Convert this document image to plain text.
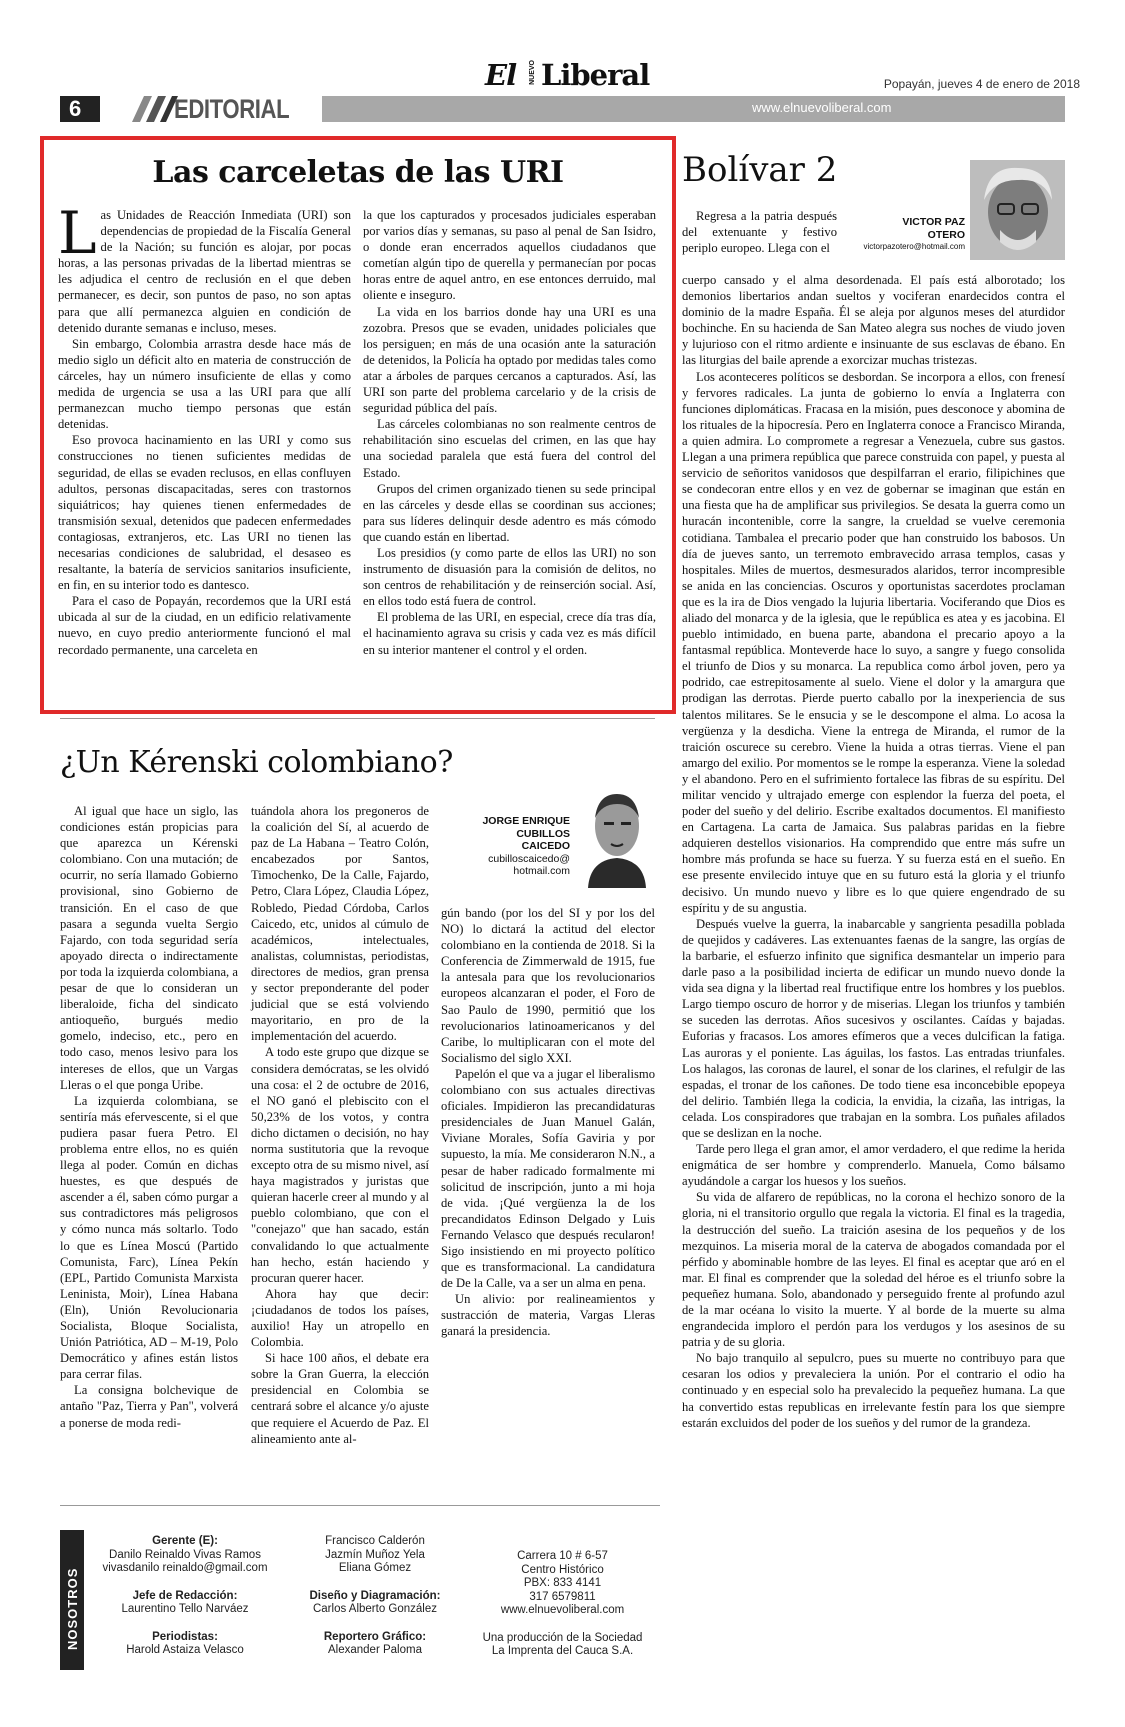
El NUEVO Liberal	Popayán, jueves 4 de enero de 2018
6	EDITORIAL	www.elnuevoliberal.com
Las carceletas de las URI

Las Unidades de Reacción Inmediata (URI) son dependencias de propiedad de la Fiscalía General de la Nación; su función es alojar, por pocas horas, a las personas privadas de la libertad mientras se les adjudica el centro de reclusión en el que deben permanecer, es decir, son puntos de paso, no son aptas para que allí permanezca alguien en condición de detenido durante semanas e incluso, meses.

Sin embargo, Colombia arrastra desde hace más de medio siglo un déficit alto en materia de construcción de cárceles, hay un número insuficiente de ellas y como medida de urgencia se usa a las URI para que allí permanezcan mucho tiempo personas que están detenidas.

Eso provoca hacinamiento en las URI y como sus construcciones no tienen suficientes medidas de seguridad, de ellas se evaden reclusos, en ellas confluyen adultos, personas discapacitadas, seres con trastornos siquiátricos; hay quienes tienen enfermedades de transmisión sexual, detenidos que padecen enfermedades contagiosas, extranjeros, etc. Las URI no tienen las necesarias condiciones de salubridad, el desaseo es resaltante, la batería de servicios sanitarios insuficiente, en fin, en su interior todo es dantesco.

Para el caso de Popayán, recordemos que la URI está ubicada al sur de la ciudad, en un edificio relativamente nuevo, en cuyo predio anteriormente funcionó el mal recordado permanente, una carceleta en

la que los capturados y procesados judiciales esperaban por varios días y semanas, su paso al penal de San Isidro, o donde eran encerrados aquellos ciudadanos que cometían algún tipo de querella y permanecían por pocas horas entre de aquel antro, en ese entonces derruido, mal oliente e inseguro.

La vida en los barrios donde hay una URI es una zozobra. Presos que se evaden, unidades policiales que los persiguen; en más de una ocasión ante la saturación de detenidos, la Policía ha optado por medidas tales como atar a árboles de parques cercanos a capturados. Así, las URI son parte del problema carcelario y de la crisis de seguridad pública del país.

Las cárceles colombianas no son realmente centros de rehabilitación sino escuelas del crimen, en las que hay una sociedad paralela que está fuera del control del Estado.

Grupos del crimen organizado tienen su sede principal en las cárceles y desde ellas se coordinan sus acciones; para sus líderes delinquir desde adentro es más cómodo que cuando están en libertad.

Los presidios (y como parte de ellos las URI) no son instrumento de disuasión para la comisión de delitos, no son centros de rehabilitación y de reinserción social. Así, en ellos todo está fuera de control.

El problema de las URI, en especial, crece día tras día, el hacinamiento agrava su crisis y cada vez es más difícil en su interior mantener el control y el orden.

¿Un Kérenski colombiano?
JORGE ENRIQUE
CUBILLOS CAICEDO
cubilloscaicedo@
hotmail.com

Al igual que hace un siglo, las condiciones están propicias para que aparezca un Kérenski colombiano. Con una mutación; de ocurrir, no sería llamado Gobierno provisional, sino Gobierno de transición. En el caso de que pasara a segunda vuelta Sergio Fajardo, con toda seguridad sería apoyado directa o indirectamente por toda la izquierda colombiana, a pesar de que lo consideran un liberaloide, ficha del sindicato antioqueño, burgués medio gomelo, indeciso, etc., pero en todo caso, menos lesivo para los intereses de ellos, que un Vargas Lleras o el que ponga Uribe.

La izquierda colombiana, se sentiría más efervescente, si el que pudiera pasar fuera Petro. El problema entre ellos, no es quién llega al poder. Común en dichas huestes, es que después de ascender a él, saben cómo purgar a sus contradictores más peligrosos y cómo nunca más soltarlo. Todo lo que es Línea Moscú (Partido Comunista, Farc), Línea Pekín (EPL, Partido Comunista Marxista Leninista, Moir), Línea Habana (Eln), Unión Revolucionaria Socialista, Bloque Socialista, Unión Patriótica, AD – M-19, Polo Democrático y afines están listos para cerrar filas.

La consigna bolchevique de antaño "Paz, Tierra y Pan", volverá a ponerse de moda redi-

tuándola ahora los pregoneros de la coalición del Sí, al acuerdo de paz de La Habana – Teatro Colón, encabezados por Santos, Timochenko, De la Calle, Fajardo, Petro, Clara López, Claudia López, Robledo, Piedad Córdoba, Carlos Caicedo, etc, unidos al cúmulo de académicos, intelectuales, analistas, columnistas, periodistas, directores de medios, gran prensa y sector preponderante del poder judicial que se está volviendo mayoritario, en pro de la implementación del acuerdo.

A todo este grupo que dizque se considera demócratas, se les olvidó una cosa: el 2 de octubre de 2016, el NO ganó el plebiscito con el 50,23% de los votos, y contra dicho dictamen o decisión, no hay norma sustitutoria que la revoque excepto otra de su mismo nivel, así haya magistrados y juristas que quieran hacerle creer al mundo y al pueblo colombiano, que con el "conejazo" que han sacado, están convalidando lo que actualmente han hecho, están haciendo y procuran querer hacer.

Ahora hay que decir: ¡ciudadanos de todos los países, auxilio! Hay un atropello en Colombia.

Si hace 100 años, el debate era sobre la Gran Guerra, la elección presidencial en Colombia se centrará sobre el alcance y/o ajuste que requiere el Acuerdo de Paz. El alineamiento ante al-

gún bando (por los del SI y por los del NO) lo dictará la actitud del elector colombiano en la contienda de 2018. Si la Conferencia de Zimmerwald de 1915, fue la antesala para que los revolucionarios europeos alcanzaran el poder, el Foro de Sao Paulo de 1990, permitió que los revolucionarios latinoamericanos y del Caribe, lo multiplicaran con el mote del Socialismo del siglo XXI.

Papelón el que va a jugar el liberalismo colombiano con sus actuales directivas oficiales. Impidieron las precandidaturas presidenciales de Juan Manuel Galán, Viviane Morales, Sofía Gaviria y por supuesto, la mía. Me consideraron N.N., a pesar de haber radicado formalmente mi solicitud de inscripción, junto a mi hoja de vida. ¡Qué vergüenza la de los precandidatos Edinson Delgado y Luis Fernando Velasco que después recularon! Sigo insistiendo en mi proyecto político que es transformacional. La candidatura de De la Calle, va a ser un alma en pena.

Un alivio: por realineamientos y sustracción de materia, Vargas Lleras ganará la presidencia.

Bolívar 2
VICTOR PAZ
OTERO
victorpazotero@hotmail.com

Regresa a la patria después del extenuante y festivo periplo europeo. Llega con el

cuerpo cansado y el alma desordenada. El país está alborotado; los demonios libertarios andan sueltos y vociferan enardecidos contra el dominio de la madre España. Él se aleja por algunos meses del aturdidor bochinche. En su hacienda de San Mateo alegra sus noches de viudo joven y lujurioso con el ritmo ardiente e insinuante de sus esclavas de ébano. En las liturgias del baile aprende a exorcizar muchas tristezas.

Los aconteceres políticos se desbordan. Se incorpora a ellos, con frenesí y fervores radicales. La junta de gobierno lo envía a Inglaterra con funciones diplomáticas. Fracasa en la misión, pues desconoce y abomina de los rituales de la hipocresía. Pero en Inglaterra conoce a Francisco Miranda, a quien admira. Lo compromete a regresar a Venezuela, cubre sus gastos. Llegan a una primera república que parece construida con papel, y puesta al servicio de señoritos vanidosos que despilfarran el erario, filipichines que se condecoran entre ellos y en vez de gobernar se imaginan que están en una fiesta que ha de amplificar sus privilegios. Se desata la guerra como un huracán incontenible, corre la sangre, la crueldad se vuelve ceremonia cotidiana. Tambalea el precario poder que han construido los babosos. Un día de jueves santo, un terremoto embravecido arrasa templos, casas y hospitales. Miles de muertos, desmesurados alaridos, terror incompresible se anida en las conciencias. Oscuros y oportunistas sacerdotes proclaman que es la ira de Dios vengado la lujuria libertaria. Vociferando que Dios es aliado del monarca y de la iglesia, que le república es atea y es jacobina. El pueblo intimidado, en buena parte, abandona el precario apoyo a la fantasmal república. Monteverde hace lo suyo, a sangre y fuego consolida el triunfo de Dios y su monarca. La republica como árbol joven, pero ya podrido, cae estrepitosamente al suelo. Viene el dolor y la amargura que prodigan las derrotas. Pierde puerto caballo por la inexperiencia de sus talentos militares. Se le ensucia y se le descompone el alma. Lo acosa la vergüenza y la desdicha. Viene la entrega de Miranda, el rumor de la traición oscurece su cerebro. Viene la huida a otras tierras. Viene el pan amargo del exilio. Por momentos se le rompe la esperanza. Viene la soledad y el abandono. Pero en el sufrimiento fortalece las fibras de su espíritu. Del militar vencido y ultrajado emerge con esplendor la fuerza del poeta, el poder del sueño y del delirio. Escribe exaltados documentos. El manifiesto en Cartagena. La carta de Jamaica. Sus palabras paridas en la fiebre adquieren destellos visionarios. Ha comprendido que entre más sufre un hombre más profunda se hace su fuerza. Y su fuerza está en el sueño. En ese presente envilecido intuye que en su futuro está la gloria y el triunfo decisivo. Un mundo nuevo y libre es lo que quiere engendrado de su espíritu y de su angustia.

Después vuelve la guerra, la inabarcable y sangrienta pesadilla poblada de quejidos y cadáveres. Las extenuantes faenas de la sangre, las orgías de la barbarie, el esfuerzo infinito que significa desmantelar un imperio para darle paso a la posibilidad incierta de edificar un mundo nuevo donde la vida sea digna y la libertad real fructifique entre los hombres y los pueblos. Largo tiempo oscuro de horror y de miserias. Llegan los triunfos y también se suceden las derrotas. Años sucesivos y oscilantes. Caídas y bajadas. Euforias y fracasos. Los amores efímeros que a veces dulcifican la fatiga. Las auroras y el poniente. Las águilas, los fastos. Las entradas triunfales. Los halagos, las coronas de laurel, el sonar de los clarines, el refulgir de las espadas, el tronar de los cañones. De todo tiene esa inconcebible epopeya del delirio. También llega la codicia, la envidia, la cizaña, las intrigas, la celada. Los conspiradores que trabajan en la sombra. Los puñales afilados que se deslizan en la noche.

Tarde pero llega el gran amor, el amor verdadero, el que redime la herida enigmática de ser hombre y comprenderlo. Manuela, Como bálsamo ayudándole a cargar los huesos y los sueños.

Su vida de alfarero de repúblicas, no la corona el hechizo sonoro de la gloria, ni el transitorio orgullo que regala la victoria. El final es la tragedia, la destrucción del sueño. La traición asesina de los pequeños y de los mezquinos. La miseria moral de la caterva de abogados comandada por el pérfido y abominable hombre de las leyes. El final es aceptar que aró en el mar. El final es comprender que la soledad del héroe es el triunfo sobre la pequeñez humana. Solo, abandonado y perseguido frente al profundo azul de la mar océana lo visito la muerte. Y al borde de la muerte su alma engrandecida imploro el perdón para los verdugos y los asesinos de su patria y de su gloria.

No bajo tranquilo al sepulcro, pues su muerte no contribuyo para que cesaran los odios y prevaleciera la unión. Por el contrario el odio ha continuado y en especial solo ha prevalecido la pequeñez humana. La que ha convertido estas republicas en irrelevante festín para los que siempre estarán excluidos del poder de los sueños y del rumor de la grandeza.

NOSOTROS
Gerente (E):
Danilo Reinaldo Vivas Ramos
vivasdanilo reinaldo@gmail.com
Jefe de Redacción:
Laurentino Tello Narváez
Periodistas:
Harold Astaiza Velasco
Francisco Calderón
Jazmín Muñoz Yela
Eliana Gómez
Diseño y Diagramación:
Carlos Alberto González
Reportero Gráfico:
Alexander Paloma
Carrera 10 # 6-57
Centro Histórico
PBX: 833 4141
317 6579811
www.elnuevoliberal.com
Una producción de la Sociedad
La Imprenta del Cauca S.A.
